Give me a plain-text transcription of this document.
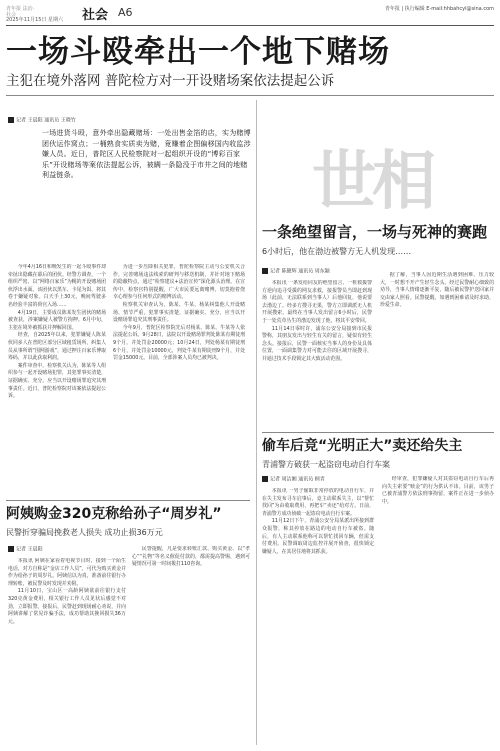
青年报 法治·社会
2025年11月15日 星期六 社会 A6	青年报 | 执行编辑 E-mail:hhbahcyl@sina.com
一场斗殴牵出一个地下赌场
主犯在境外落网 普陀检方对一开设赌场案依法提起公诉
记者 王晨阳 通讯员 王晓竹
一场进货斗殴，意外牵出隐藏赌场：一处出售金箔的店，实为赌博团伙运作窝点；一桶熟食实质卖为赌，竟赚着企图偏移国内收监涉嫌人员。近日，普陀区人民检察院对一起组织开设的“博彩百家乐”开设赌场等案依法提起公诉，被瞒一条隐没于市井之间的地赌利益链条。

今年4月16日和晚发生的一起斗殴事件却牵扯出隐藏在幕后的团伙。经警方调查，一个组织严密、以“网络百家乐”为幌的开设赌场团伙浮出水面。该团伙以黑车、卡尾为饵，将其卷于嫌疑对象。白天手上30元，晚间驾驶多名经验丰富的荷官入场……

4月19日，主要成员陈某发生团伙的赌场被查获，涉案嫌疑人被警方拘押。6月中旬，主犯在境外被抓获并押解回国。

经查，自2025年以来，犯罪嫌疑人陈某伙同多人在普陀区部分区域租赁场所，纠集人员从事所谓“围网游戏”，通过押注百家乐博取筹码，并以此获取利润。

案件审查中，检察机关认为，陈某等人组织参与一起开设赌场犯罪，其犯罪事实清楚，证据确实、充分，应当以开设赌场罪追究其刑事责任。近日，普陀检察院对该案依法提起公诉。

为进一步压降相关犯罪，普陀检察院主动与公安机关合作，完善赌场违法线索的研判与移送机制，并针对地下赌场的隐蔽特点，通过“检察建议+法治宣传”深化源头治理。在宣传中，检察官特别提醒，广大市民要远离赌博，切莫抱着侥幸心理参与任何形式的赌博活动。

检察机关审查认为，陈某、牛某、杨某纠集他人开设赌场，情节严重，犯罪事实清楚，证据确实、充分，应当以开设赌场罪追究其刑事责任。

今年9月，普陀区检察院先后对杨某、陈某、牛某等人依法提起公诉。9月28日，法院以开设赌场罪判处陈某有期徒刑9个月，并处罚金20000元；10月24日，判处杨某有期徒刑6个月，并处罚金10000元，判处牛某有期徒刑9个月，并处罚金15000元。目前，全部涉案人员均已被判决。

世相
一条绝望留言，一场与死神的赛跑
6小时后，他在渤边被警方无人机发现……
记者 陈健辉 通讯员 周东颖

本报讯 一条发给同友的绝望留言，一桩救援警方逆向追寻受援的网友求救，接报警员当即赶到现场（此前，无法联系到当事人）后他回复，他说要去渤边了。经多方搜寻无果，警方立即调派无人机开展搜索。最终在当事人发出留言6小时后，民警于一处荒草丛生的渤边发现了他，将其平安带回。

11月14日零时许，浦东公安分局接到市民报警称，其朋友发出与轻生有关的留言，疑似有轻生念头。接报后，民警一面核实当事人的身份及具体位置，一面调集警力对可能去往的区域开展搜寻，并通过技术手段锁定其大致活动范围。

据了解，当事人因近期生活遇到困难、压力较大，一时想不开产生轻生念头。经过民警耐心细致的劝导，当事人情绪逐渐平复，随后被民警护送回家并交由家人照看。民警提醒，如遇到困难请及时求助，珍爱生命。

阿姨购金320克称给孙子“周岁礼”
民警折穿骗局挽救老人损失 成功止损36万元
记者 王晨阳

本报讯 阿姨在家看着电视节目时，接到一个陌生电话，对方自称是“金店工作人员”，可代为购买黄金并作为给孙子的周岁礼。阿姨信以为真，准备前往银行办理转账，被民警及时发现并劝阻。

11月10日，宝山区一高龄阿姨欲前往银行支付320克黄金费用，相关银行工作人员见状后感觉不对劲，立即报警。接报后，民警赶到现场耐心劝说，并向阿姨讲解了常见诈骗手法，成功帮助其挽回损失36万元。

民警提醒，凡是要求转账汇款、购买黄金、以“孝心”“礼物”等名义催促付款的，都需提高警惕，遇到可疑情况可第一时间拨打110咨询。

偷车后竞“光明正大”卖还给失主
青浦警方破获一起盗窃电动自行车案
记者 周洁湘 通讯员 顾青

本报讯 一男子偷取非常停放的电动自行车，并在失主发布寻车启事后，竟主动联系失主，以“帮忙找回”为由收取费用，再把车“卖还”给对方。日前，青浦警方成功侦破一起盗窃电动自行车案。

11月12日下午，青浦公安分局某派出所接到群众报警，称其停放在路边的电动自行车被盗。随后，有人主动联系他称可以帮忙找回车辆，但需支付费用。民警调取周边监控并展开侦查，很快锁定嫌疑人，在其居住地将其抓获。

经审查，犯罪嫌疑人对其盗窃电动自行车后再向失主索要“赎金”的行为供认不讳。目前，该男子已被青浦警方依法刑事拘留，案件正在进一步侦办中。
